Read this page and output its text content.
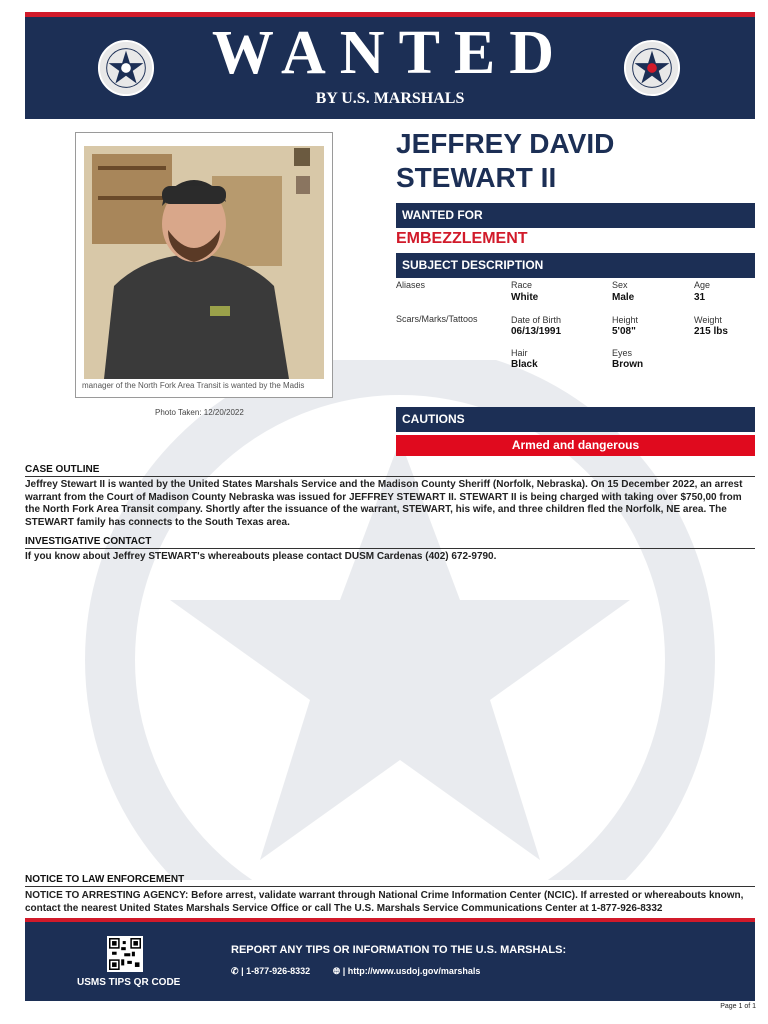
WANTED
BY U.S. MARSHALS
manager of the North Fork Area Transit is wanted by the Madis
Photo Taken: 12/20/2022
JEFFREY DAVID
STEWART II
WANTED FOR
EMBEZZLEMENT
SUBJECT DESCRIPTION
Aliases
Scars/Marks/Tattoos
Race
White
Sex
Male
Age
31
Date of Birth
06/13/1991
Height
5'08"
Weight
215 lbs
Hair
Black
Eyes
Brown
CAUTIONS
Armed and dangerous
CASE OUTLINE
Jeffrey Stewart II is wanted by the United States Marshals Service and the Madison County Sheriff (Norfolk, Nebraska). On 15 December 2022, an arrest warrant from the Court of Madison County Nebraska was issued for JEFFREY STEWART II. STEWART II is being charged with taking over $750,00 from the North Fork Area Transit company. Shortly after the issuance of the warrant, STEWART, his wife, and three children fled the Norfolk, NE area. The STEWART family has connects to the South Texas area.
INVESTIGATIVE CONTACT
If you know about Jeffrey STEWART's whereabouts please contact DUSM Cardenas (402) 672-9790.
NOTICE TO LAW ENFORCEMENT
NOTICE TO ARRESTING AGENCY: Before arrest, validate warrant through National Crime Information Center (NCIC). If arrested or whereabouts known, contact the nearest United States Marshals Service Office or call The U.S. Marshals Service Communications Center at 1-877-926-8332
USMS TIPS QR CODE
REPORT ANY TIPS OR INFORMATION TO THE U.S. MARSHALS:
✆ | 1-877-926-8332	🌐︎ | http://www.usdoj.gov/marshals
Page 1 of 1
